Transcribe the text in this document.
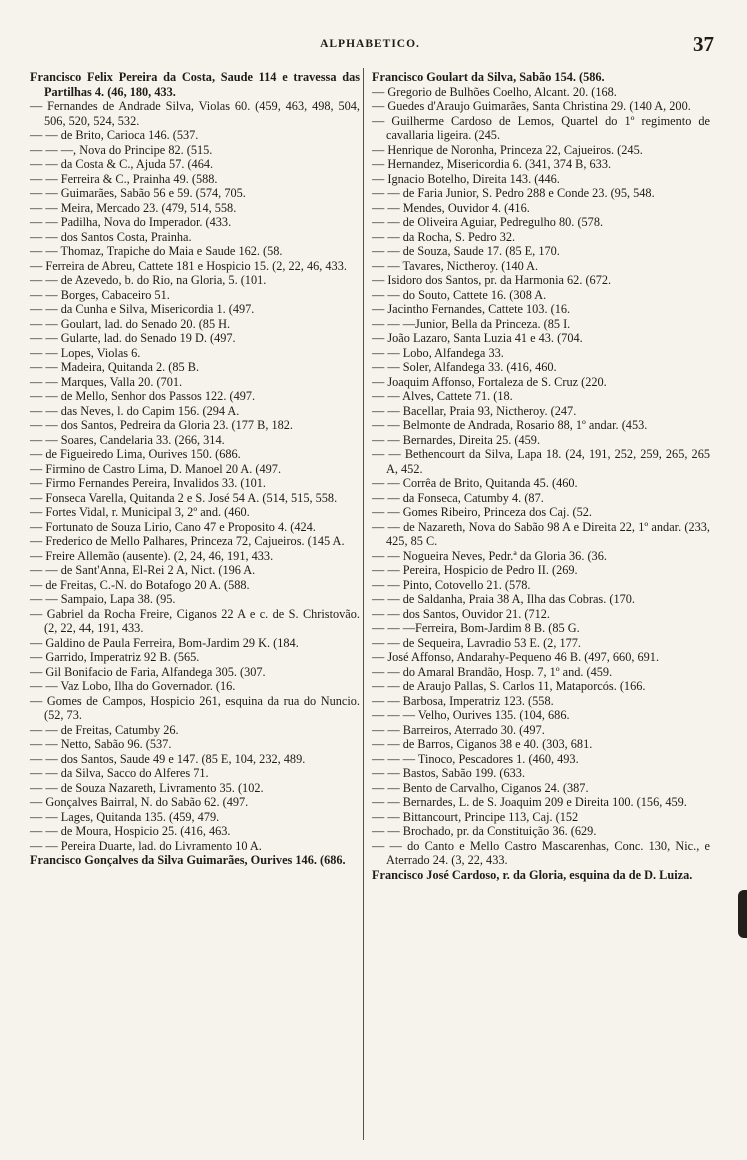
ALPHABETICO.	37

Francisco Felix Pereira da Costa, Saude 114 e travessa das Partilhas 4. (46, 180, 433.

— Fernandes de Andrade Silva, Violas 60. (459, 463, 498, 504, 506, 520, 524, 532.

— — de Brito, Carioca 146. (537.

— — —, Nova do Principe 82. (515.

— — da Costa & C., Ajuda 57. (464.

— — Ferreira & C., Prainha 49. (588.

— — Guimarães, Sabão 56 e 59. (574, 705.

— — Meira, Mercado 23. (479, 514, 558.

— — Padilha, Nova do Imperador. (433.

— — dos Santos Costa, Prainha.

— — Thomaz, Trapiche do Maia e Saude 162. (58.

— Ferreira de Abreu, Cattete 181 e Hospicio 15. (2, 22, 46, 433.

— — de Azevedo, b. do Rio, na Gloria, 5. (101.

— — Borges, Cabaceiro 51.

— — da Cunha e Silva, Misericordia 1. (497.

— — Goulart, lad. do Senado 20. (85 H.

— — Gularte, lad. do Senado 19 D. (497.

— — Lopes, Violas 6.

— — Madeira, Quitanda 2. (85 B.

— — Marques, Valla 20. (701.

— — de Mello, Senhor dos Passos 122. (497.

— — das Neves, l. do Capim 156. (294 A.

— — dos Santos, Pedreira da Gloria 23. (177 B, 182.

— — Soares, Candelaria 33. (266, 314.

— de Figueiredo Lima, Ourives 150. (686.

— Firmino de Castro Lima, D. Manoel 20 A. (497.

— Firmo Fernandes Pereira, Invalidos 33. (101.

— Fonseca Varella, Quitanda 2 e S. José 54 A. (514, 515, 558.

— Fortes Vidal, r. Municipal 3, 2º and. (460.

— Fortunato de Souza Lirio, Cano 47 e Proposito 4. (424.

— Frederico de Mello Palhares, Princeza 72, Cajueiros. (145 A.

— Freire Allemão (ausente). (2, 24, 46, 191, 433.

— — de Sant'Anna, El-Rei 2 A, Nict. (196 A.

— de Freitas, C.-N. do Botafogo 20 A. (588.

— — Sampaio, Lapa 38. (95.

— Gabriel da Rocha Freire, Ciganos 22 A e c. de S. Christovão. (2, 22, 44, 191, 433.

— Galdino de Paula Ferreira, Bom-Jardim 29 K. (184.

— Garrido, Imperatriz 92 B. (565.

— Gil Bonifacio de Faria, Alfandega 305. (307.

— — Vaz Lobo, Ilha do Governador. (16.

— Gomes de Campos, Hospicio 261, esquina da rua do Nuncio. (52, 73.

— — de Freitas, Catumby 26.

— — Netto, Sabão 96. (537.

— — dos Santos, Saude 49 e 147. (85 E, 104, 232, 489.

— — da Silva, Sacco do Alferes 71.

— — de Souza Nazareth, Livramento 35. (102.

— Gonçalves Bairral, N. do Sabão 62. (497.

— — Lages, Quitanda 135. (459, 479.

— — de Moura, Hospicio 25. (416, 463.

— — Pereira Duarte, lad. do Livramento 10 A.

Francisco Gonçalves da Silva Guimarães, Ourives 146. (686.

Francisco Goulart da Silva, Sabão 154. (586.

— Gregorio de Bulhões Coelho, Alcant. 20. (168.

— Guedes d'Araujo Guimarães, Santa Christina 29. (140 A, 200.

— Guilherme Cardoso de Lemos, Quartel do 1º regimento de cavallaria ligeira. (245.

— Henrique de Noronha, Princeza 22, Cajueiros. (245.

— Hernandez, Misericordia 6. (341, 374 B, 633.

— Ignacio Botelho, Direita 143. (446.

— — de Faria Junior, S. Pedro 288 e Conde 23. (95, 548.

— — Mendes, Ouvidor 4. (416.

— — de Oliveira Aguiar, Pedregulho 80. (578.

— — da Rocha, S. Pedro 32.

— — de Souza, Saude 17. (85 E, 170.

— — Tavares, Nictheroy. (140 A.

— Isidoro dos Santos, pr. da Harmonia 62. (672.

— — do Souto, Cattete 16. (308 A.

— Jacintho Fernandes, Cattete 103. (16.

— — —Junior, Bella da Princeza. (85 I.

— João Lazaro, Santa Luzia 41 e 43. (704.

— — Lobo, Alfandega 33.

— — Soler, Alfandega 33. (416, 460.

— Joaquim Affonso, Fortaleza de S. Cruz (220.

— — Alves, Cattete 71. (18.

— — Bacellar, Praia 93, Nictheroy. (247.

— — Belmonte de Andrada, Rosario 88, 1º andar. (453.

— — Bernardes, Direita 25. (459.

— — Bethencourt da Silva, Lapa 18. (24, 191, 252, 259, 265, 265 A, 452.

— — Corrêa de Brito, Quitanda 45. (460.

— — da Fonseca, Catumby 4. (87.

— — Gomes Ribeiro, Princeza dos Caj. (52.

— — de Nazareth, Nova do Sabão 98 A e Direita 22, 1º andar. (233, 425, 85 C.

— — Nogueira Neves, Pedr.ª da Gloria 36. (36.

— — Pereira, Hospicio de Pedro II. (269.

— — Pinto, Cotovello 21. (578.

— — de Saldanha, Praia 38 A, Ilha das Cobras. (170.

— — dos Santos, Ouvidor 21. (712.

— — —Ferreira, Bom-Jardim 8 B. (85 G.

— — de Sequeira, Lavradio 53 E. (2, 177.

— José Affonso, Andarahy-Pequeno 46 B. (497, 660, 691.

— — do Amaral Brandão, Hosp. 7, 1º and. (459.

— — de Araujo Pallas, S. Carlos 11, Mataporcós. (166.

— — Barbosa, Imperatriz 123. (558.

— — — Velho, Ourives 135. (104, 686.

— — Barreiros, Aterrado 30. (497.

— — de Barros, Ciganos 38 e 40. (303, 681.

— — — Tinoco, Pescadores 1. (460, 493.

— — Bastos, Sabão 199. (633.

— — Bento de Carvalho, Ciganos 24. (387.

— — Bernardes, L. de S. Joaquim 209 e Direita 100. (156, 459.

— — Bittancourt, Principe 113, Caj. (152

— — Brochado, pr. da Constituição 36. (629.

— — do Canto e Mello Castro Mascarenhas, Conc. 130, Nic., e Aterrado 24. (3, 22, 433.

Francisco José Cardoso, r. da Gloria, esquina da de D. Luiza.
